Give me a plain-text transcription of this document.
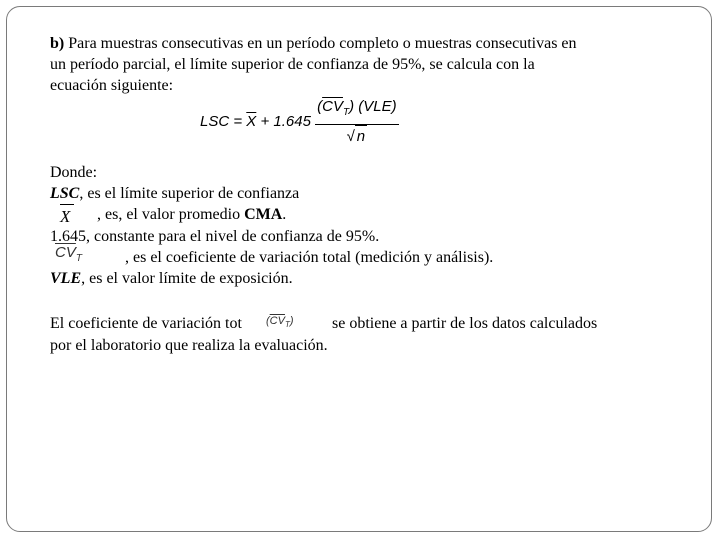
b) Para muestras consecutivas en un período completo o muestras consecutivas en
un período parcial, el límite superior de confianza de 95%, se calcula con la
ecuación siguiente:
LSC = $\overline{X} + 1.645 \frac{(\overline{CV}_T) (VLE)}{√ n}$
Donde:
LSC, es el límite superior de confianza
X , es, el valor promedio CMA.
1.645, constante para el nivel de confianza de 95%.
$\overline{CV}_T$	, es el coeficiente de variación total (medición y análisis).
VLE, es el valor límite de exposición.
El coeficiente de variación tot $(\overline{CV}_T)$ se obtiene a partir de los datos calculados
por el laboratorio que realiza la evaluación.
